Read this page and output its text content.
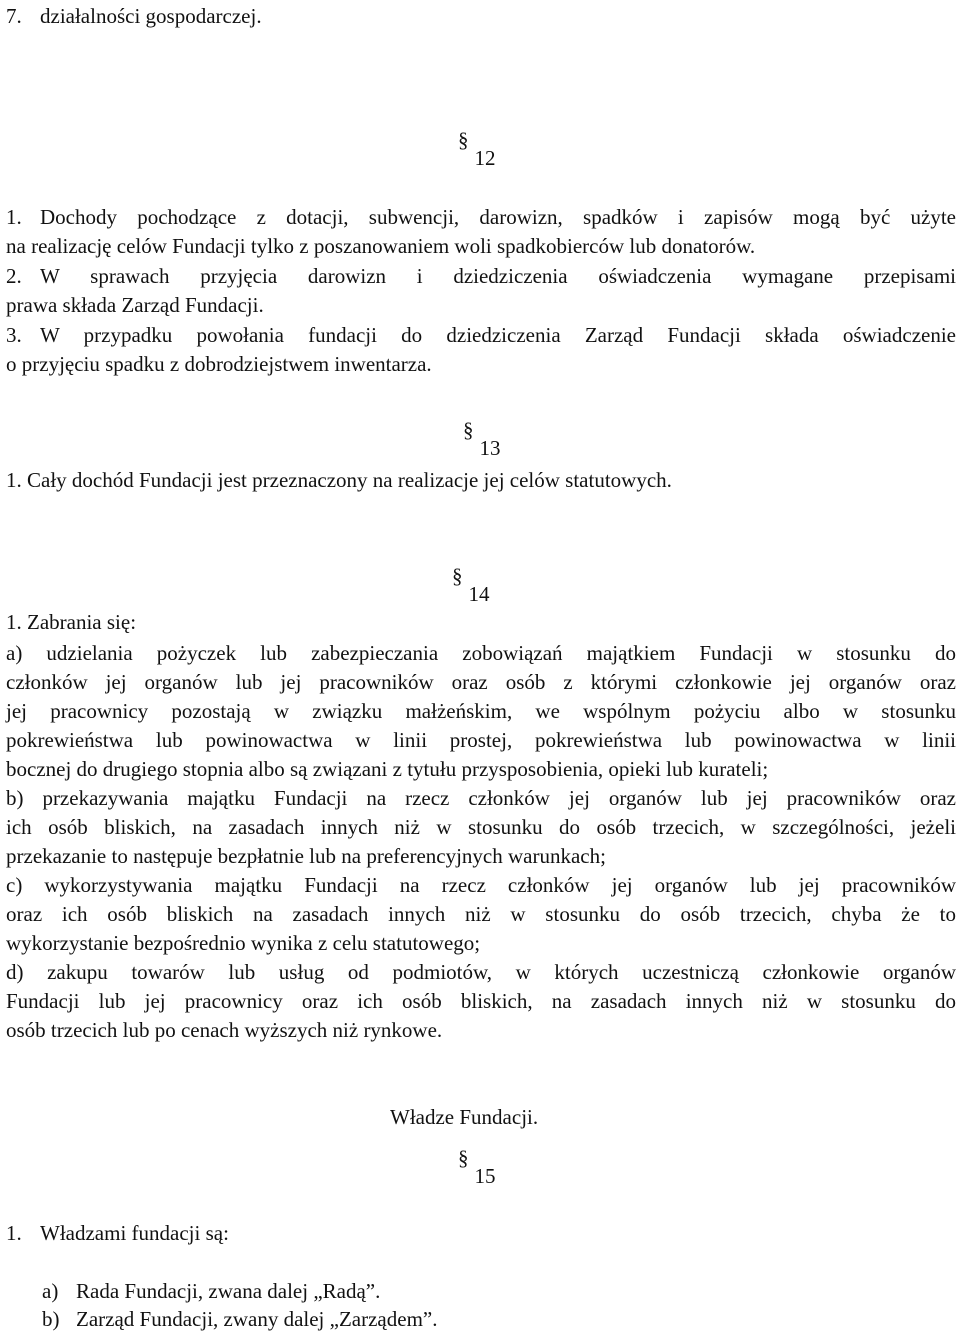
7. działalności gospodarczej.
§12
1. Dochody pochodzące z dotacji, subwencji, darowizn, spadków i zapisów mogą być użyte
na realizację celów Fundacji tylko z poszanowaniem woli spadkobierców lub donatorów.
2. W sprawach przyjęcia darowizn i dziedziczenia oświadczenia wymagane przepisami
prawa składa Zarząd Fundacji.
3. W przypadku powołania fundacji do dziedziczenia Zarząd Fundacji składa oświadczenie
o przyjęciu spadku z dobrodziejstwem inwentarza.
§13
1. Cały dochód Fundacji jest przeznaczony na realizacje jej celów statutowych.
§14
1. Zabrania się:
a) udzielania pożyczek lub zabezpieczania zobowiązań majątkiem Fundacji w stosunku do
członków jej organów lub jej pracowników oraz osób z którymi członkowie jej organów oraz
jej pracownicy pozostają w związku małżeńskim, we wspólnym pożyciu albo w stosunku
pokrewieństwa lub powinowactwa w linii prostej, pokrewieństwa lub powinowactwa w linii
bocznej do drugiego stopnia albo są związani z tytułu przysposobienia, opieki lub kurateli;
b) przekazywania majątku Fundacji na rzecz członków jej organów lub jej pracowników oraz
ich osób bliskich, na zasadach innych niż w stosunku do osób trzecich, w szczególności, jeżeli
przekazanie to następuje bezpłatnie lub na preferencyjnych warunkach;
c) wykorzystywania majątku Fundacji na rzecz członków jej organów lub jej pracowników
oraz ich osób bliskich na zasadach innych niż w stosunku do osób trzecich, chyba że to
wykorzystanie bezpośrednio wynika z celu statutowego;
d) zakupu towarów lub usług od podmiotów, w których uczestniczą członkowie organów
Fundacji lub jej pracownicy oraz ich osób bliskich, na zasadach innych niż w stosunku do
osób trzecich lub po cenach wyższych niż rynkowe.
Władze Fundacji.
§15
1. Władzami fundacji są:
a) Rada Fundacji, zwana dalej „Radą”.
b) Zarząd Fundacji, zwany dalej „Zarządem”.
